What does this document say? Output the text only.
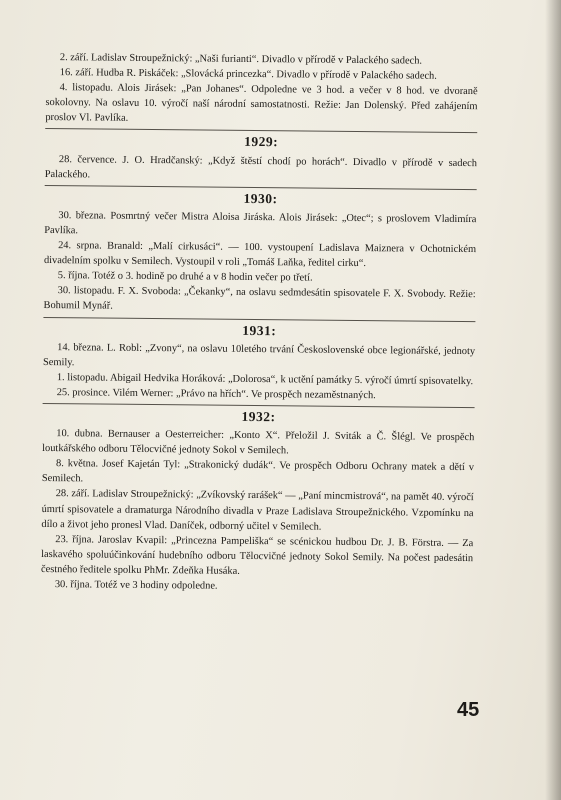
2. září. Ladislav Stroupežnický: „Naši furianti“. Divadlo v přírodě v Palackého sadech.

16. září. Hudba R. Piskáček: „Slovácká princezka“. Divadlo v přírodě v Palackého sadech.

4. listopadu. Alois Jirásek: „Pan Johanes“. Odpoledne ve 3 hod. a večer v 8 hod. ve dvoraně sokolovny. Na oslavu 10. výročí naší národní samostatnosti. Režie: Jan Dolenský. Před zahájením proslov Vl. Pavlíka.

1929:

28. července. J. O. Hradčanský: „Když štěstí chodí po horách“. Divadlo v přírodě v sadech Palackého.

1930:

30. března. Posmrtný večer Mistra Aloisa Jiráska. Alois Jirásek: „Otec“; s proslovem Vladimíra Pavlíka.

24. srpna. Branald: „Malí cirkusáci“. — 100. vystoupení Ladislava Maiznera v Ochotnickém divadelním spolku v Semilech. Vystoupil v roli „Tomáš Laňka, ředitel cirku“.

5. října. Totéž o 3. hodině po druhé a v 8 hodin večer po třetí.

30. listopadu. F. X. Svoboda: „Čekanky“, na oslavu sedmdesátin spisovatele F. X. Svobody. Režie: Bohumil Mynář.

1931:

14. března. L. Robl: „Zvony“, na oslavu 10letého trvání Československé obce legionářské, jednoty Semily.

1. listopadu. Abigail Hedvika Horáková: „Dolorosa“, k uctění památky 5. výročí úmrtí spisovatelky.

25. prosince. Vilém Werner: „Právo na hřích“. Ve prospěch nezaměstnaných.

1932:

10. dubna. Bernauser a Oesterreicher: „Konto X“. Přeložil J. Sviták a Č. Šlégl. Ve prospěch loutkářského odboru Tělocvičné jednoty Sokol v Semilech.

8. května. Josef Kajetán Tyl: „Strakonický dudák“. Ve prospěch Odboru Ochrany matek a dětí v Semilech.

28. září. Ladislav Stroupežnický: „Zvíkovský rarášek“ — „Paní mincmistrová“, na pamět 40. výročí úmrtí spisovatele a dramaturga Národního divadla v Praze Ladislava Stroupežnického. Vzpomínku na dílo a život jeho pronesl Vlad. Daníček, odborný učitel v Semilech.

23. října. Jaroslav Kvapil: „Princezna Pampeliška“ se scénickou hudbou Dr. J. B. Förstra. — Za laskavého spoluúčinkování hudebního odboru Tělocvičné jednoty Sokol Semily. Na počest padesátin čestného ředitele spolku PhMr. Zdeňka Husáka.

30. října. Totéž ve 3 hodiny odpoledne.

45
